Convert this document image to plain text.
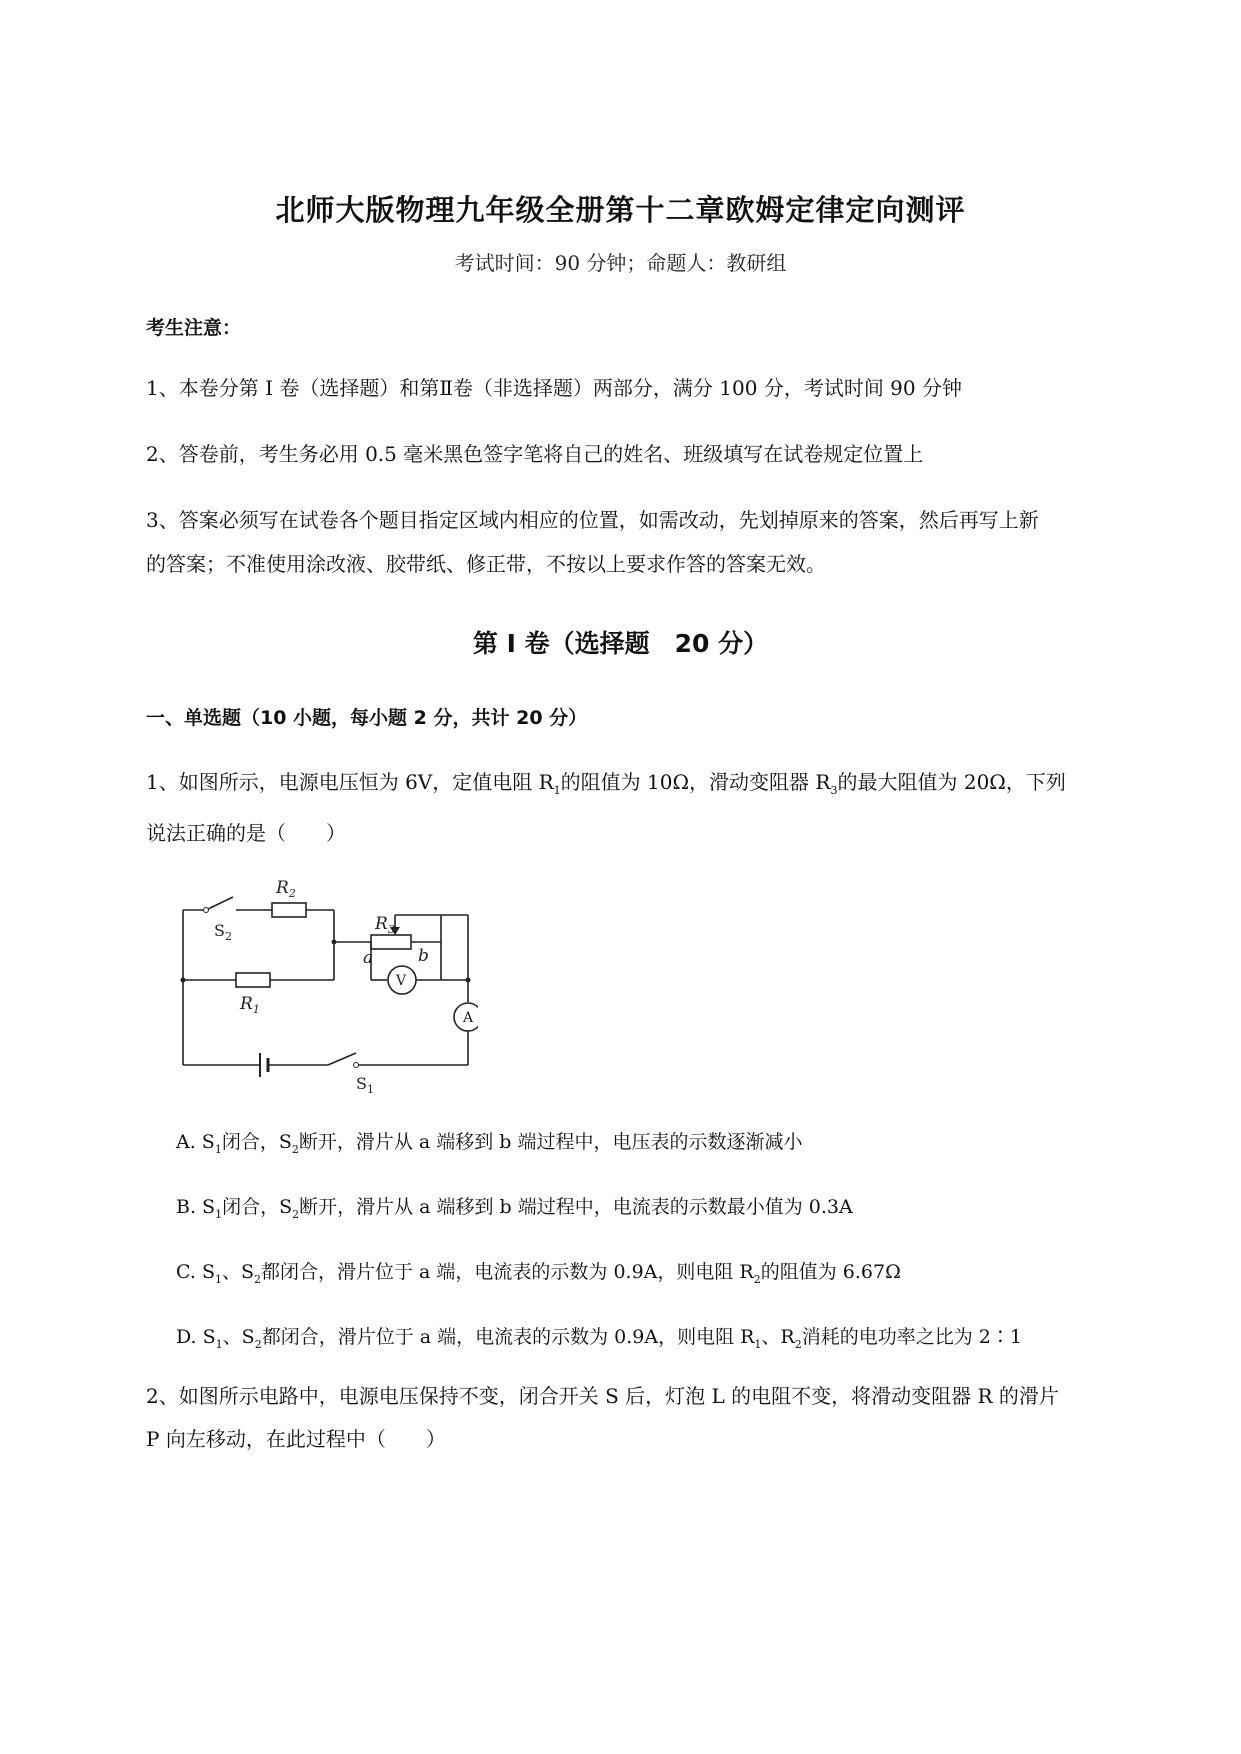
北师大版物理九年级全册第十二章欧姆定律定向测评
考试时间：90 分钟；命题人：教研组
考生注意：
1、本卷分第 I 卷（选择题）和第Ⅱ卷（非选择题）两部分，满分 100 分，考试时间 90 分钟
2、答卷前，考生务必用 0.5 毫米黑色签字笔将自己的姓名、班级填写在试卷规定位置上
3、答案必须写在试卷各个题目指定区域内相应的位置，如需改动，先划掉原来的答案，然后再写上新
的答案；不准使用涂改液、胶带纸、修正带，不按以上要求作答的答案无效。
第 I 卷（选择题　20 分）
一、单选题（10 小题，每小题 2 分，共计 20 分）
1、如图所示，电源电压恒为 6V，定值电阻 $R_1$的阻值为 10Ω，滑动变阻器 $R_3$的最大阻值为 20Ω，下列
说法正确的是（　　）
$R_2$
$S_2$
$R_3$
a	b
V
A
$R_1$
$S_1$
A. $S_1$闭合，$S_2$断开，滑片从 a 端移到 b 端过程中，电压表的示数逐渐减小
B. $S_1$闭合，$S_2$断开，滑片从 a 端移到 b 端过程中，电流表的示数最小值为 0.3A
C. $S_1$、$S_2$都闭合，滑片位于 a 端，电流表的示数为 0.9A，则电阻 $R_2$的阻值为 6.67Ω
D. $S_1$、$S_2$都闭合，滑片位于 a 端，电流表的示数为 0.9A，则电阻 $R_1$、$R_2$消耗的电功率之比为 2∶1
2、如图所示电路中，电源电压保持不变，闭合开关 S 后，灯泡 L 的电阻不变，将滑动变阻器 R 的滑片
P 向左移动，在此过程中（　　）
